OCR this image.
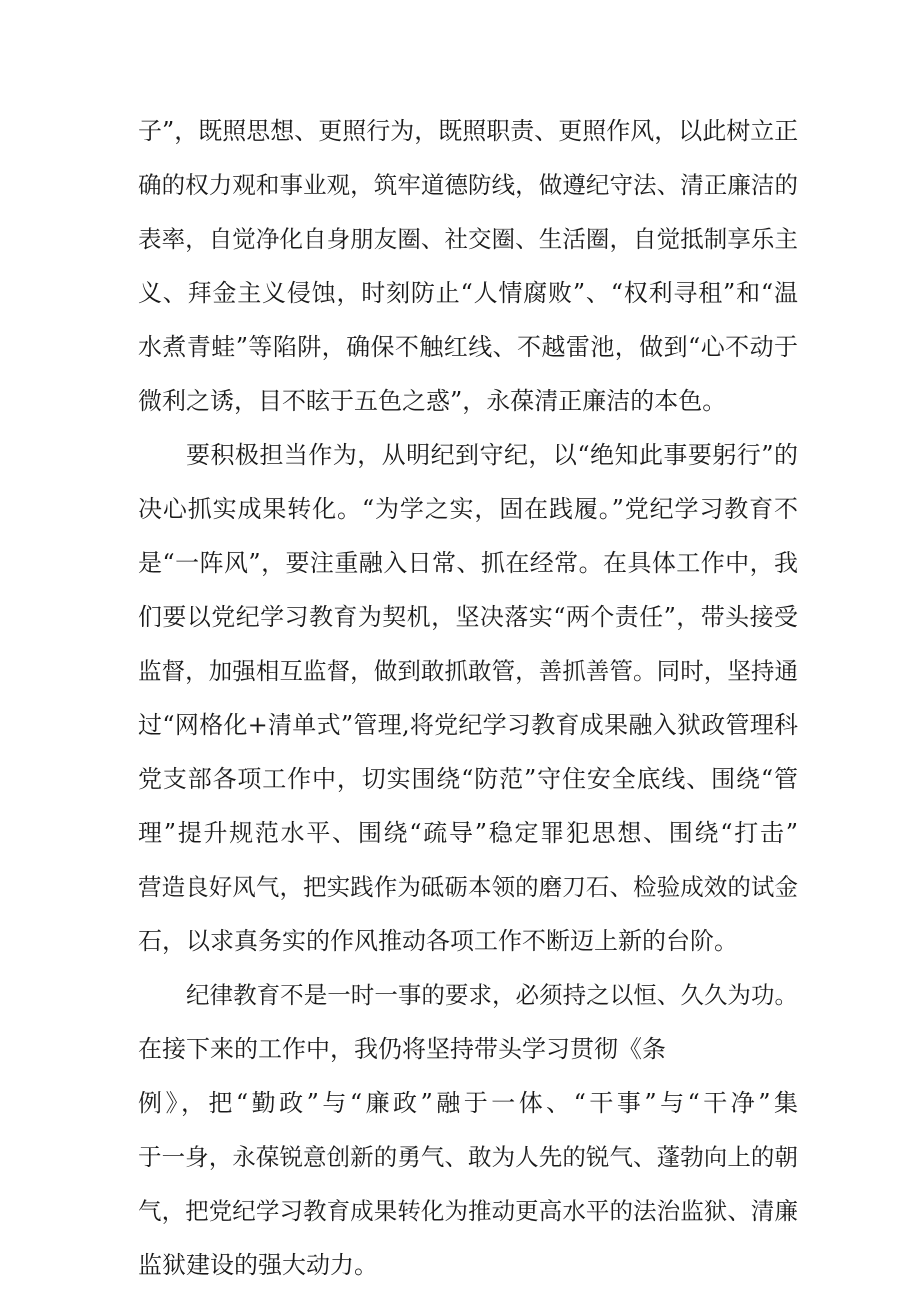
子”，既照思想、更照行为，既照职责、更照作风，以此树立正
确的权力观和事业观，筑牢道德防线，做遵纪守法、清正廉洁的
表率，自觉净化自身朋友圈、社交圈、生活圈，自觉抵制享乐主
义、拜金主义侵蚀，时刻防止“人情腐败”、“权利寻租”和“温
水煮青蛙”等陷阱，确保不触红线、不越雷池，做到“心不动于
微利之诱，目不眩于五色之惑”，永葆清正廉洁的本色。
要积极担当作为，从明纪到守纪，以“绝知此事要躬行”的
决心抓实成果转化。“为学之实，固在践履。”党纪学习教育不
是“一阵风”，要注重融入日常、抓在经常。在具体工作中，我
们要以党纪学习教育为契机，坚决落实“两个责任”，带头接受
监督，加强相互监督，做到敢抓敢管，善抓善管。同时，坚持通
过“网格化+清单式”管理,将党纪学习教育成果融入狱政管理科
党支部各项工作中，切实围绕“防范”守住安全底线、围绕“管
理”提升规范水平、围绕“疏导”稳定罪犯思想、围绕“打击”
营造良好风气，把实践作为砥砺本领的磨刀石、检验成效的试金
石，以求真务实的作风推动各项工作不断迈上新的台阶。
纪律教育不是一时一事的要求，必须持之以恒、久久为功。
在接下来的工作中，我仍将坚持带头学习贯彻《条
例》，把“勤政”与“廉政”融于一体、“干事”与“干净”集
于一身，永葆锐意创新的勇气、敢为人先的锐气、蓬勃向上的朝
气，把党纪学习教育成果转化为推动更高水平的法治监狱、清廉
监狱建设的强大动力。
